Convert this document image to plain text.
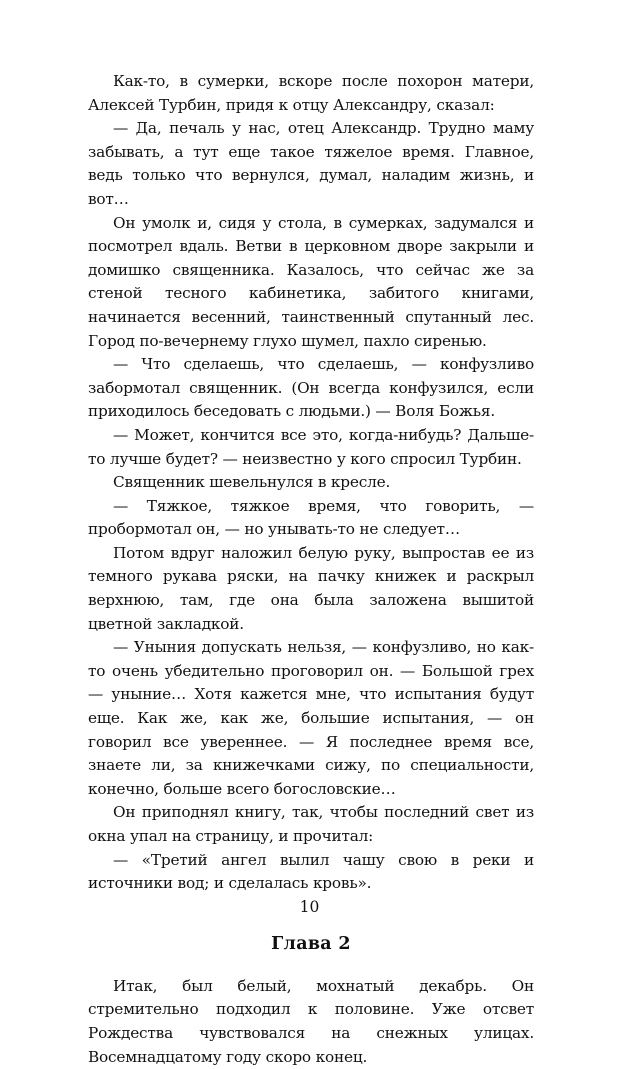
Как-то, в сумерки, вскоре после похорон матери, Алексей Турбин, придя к отцу Александру, сказал:

— Да, печаль у нас, отец Александр. Трудно маму забывать, а тут еще такое тяжелое время. Главное, ведь только что вернулся, думал, наладим жизнь, и вот…

Он умолк и, сидя у стола, в сумерках, задумался и посмотрел вдаль. Ветви в церковном дворе закрыли и домишко священника. Казалось, что сейчас же за стеной тесного кабинетика, забитого книгами, начинается весенний, таинственный спутанный лес. Город по-вечернему глухо шумел, пахло сиренью.

— Что сделаешь, что сделаешь, — конфузливо забормотал священник. (Он всегда конфузился, если приходилось беседовать с людьми.) — Воля Божья.

— Может, кончится все это, когда-нибудь? Дальше-то лучше будет? — неизвестно у кого спросил Турбин.

Священник шевельнулся в кресле.

— Тяжкое, тяжкое время, что говорить, — пробормотал он, — но унывать-то не следует…

Потом вдруг наложил белую руку, выпростав ее из темного рукава ряски, на пачку книжек и раскрыл верхнюю, там, где она была заложена вышитой цветной закладкой.

— Уныния допускать нельзя, — конфузливо, но как-то очень убедительно проговорил он. — Большой грех — уныние… Хотя кажется мне, что испытания будут еще. Как же, как же, большие испытания, — он говорил все увереннее. — Я последнее время все, знаете ли, за книжечками сижу, по специальности, конечно, больше всего богословские…

Он приподнял книгу, так, чтобы последний свет из окна упал на страницу, и прочитал:

— «Третий ангел вылил чашу свою в реки и источники вод; и сделалась кровь».

Глава 2

Итак, был белый, мохнатый декабрь. Он стремительно подходил к половине. Уже отсвет Рождества чувствовался на снежных улицах. Восемнадцатому году скоро конец.

10
